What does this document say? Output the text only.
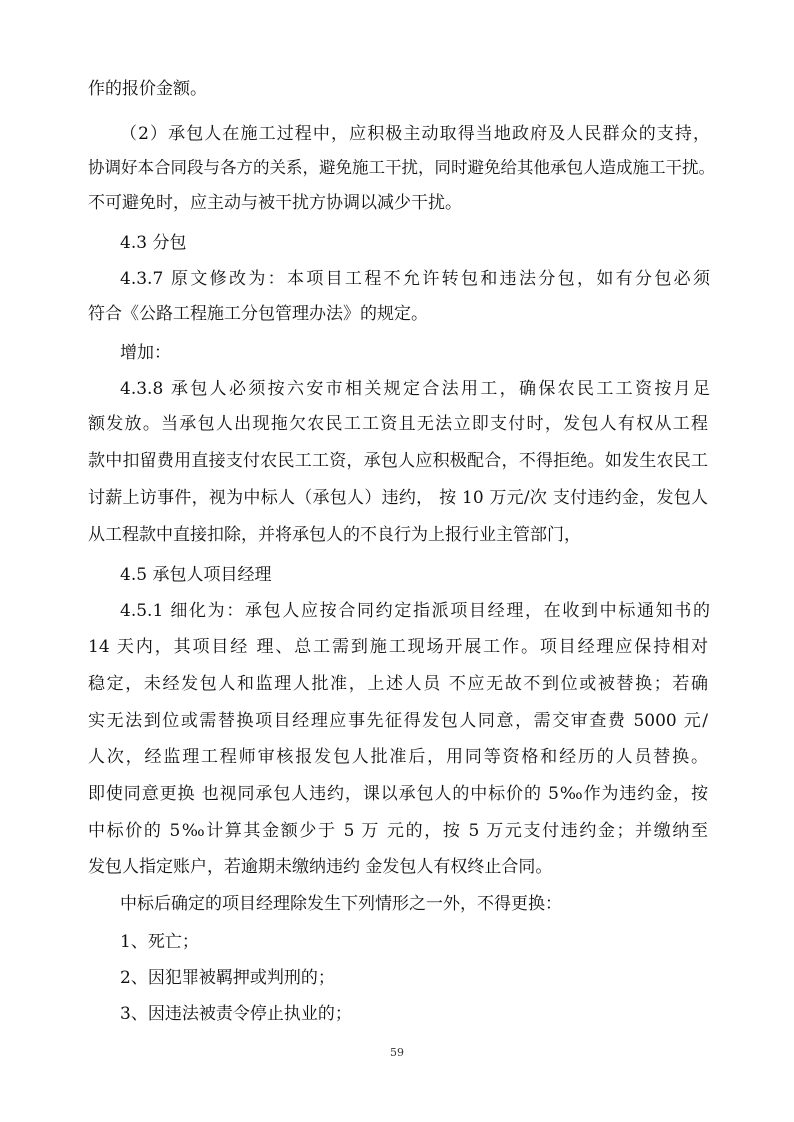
作的报价金额。
（2）承包人在施工过程中，应积极主动取得当地政府及人民群众的支持，
协调好本合同段与各方的关系，避免施工干扰，同时避免给其他承包人造成施工干扰。
不可避免时，应主动与被干扰方协调以减少干扰。
4.3 分包
4.3.7 原文修改为：本项目工程不允许转包和违法分包，如有分包必须
符合《公路工程施工分包管理办法》的规定。
增加：
4.3.8 承包人必须按六安市相关规定合法用工，确保农民工工资按月足
额发放。当承包人出现拖欠农民工工资且无法立即支付时，发包人有权从工程
款中扣留费用直接支付农民工工资，承包人应积极配合，不得拒绝。如发生农民工
讨薪上访事件，视为中标人（承包人）违约， 按 10 万元/次 支付违约金，发包人
从工程款中直接扣除，并将承包人的不良行为上报行业主管部门，
4.5 承包人项目经理
4.5.1 细化为：承包人应按合同约定指派项目经理，在收到中标通知书的
14 天内，其项目经 理、总工需到施工现场开展工作。项目经理应保持相对
稳定，未经发包人和监理人批准，上述人员 不应无故不到位或被替换；若确
实无法到位或需替换项目经理应事先征得发包人同意，需交审查费 5000 元/
人次，经监理工程师审核报发包人批准后，用同等资格和经历的人员替换。
即使同意更换 也视同承包人违约，课以承包人的中标价的 5‰作为违约金，按
中标价的 5‰计算其金额少于 5 万 元的，按 5 万元支付违约金；并缴纳至
发包人指定账户，若逾期未缴纳违约 金发包人有权终止合同。
中标后确定的项目经理除发生下列情形之一外，不得更换：
1、死亡；
2、因犯罪被羁押或判刑的；
3、因违法被责令停止执业的；
59
